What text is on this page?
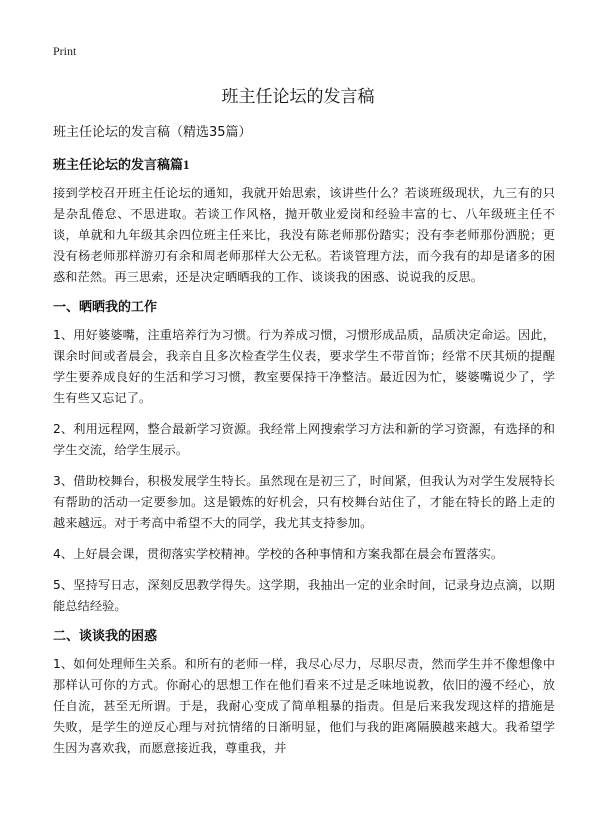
Print
班主任论坛的发言稿
班主任论坛的发言稿（精选35篇）
班主任论坛的发言稿篇1

接到学校召开班主任论坛的通知，我就开始思索，该讲些什么？若谈班级现状，九三有的只是杂乱倦怠、不思进取。若谈工作风格，抛开敬业爱岗和经验丰富的七、八年级班主任不谈，单就和九年级其余四位班主任来比，我没有陈老师那份踏实；没有李老师那份洒脱；更没有杨老师那样游刃有余和周老师那样大公无私。若谈管理方法，而今我有的却是诸多的困惑和茫然。再三思索，还是决定晒晒我的工作、谈谈我的困惑、说说我的反思。

一、晒晒我的工作

1、用好婆婆嘴，注重培养行为习惯。行为养成习惯，习惯形成品质，品质决定命运。因此，课余时间或者晨会，我亲自且多次检查学生仪表，要求学生不带首饰；经常不厌其烦的提醒学生要养成良好的生活和学习习惯，教室要保持干净整洁。最近因为忙，婆婆嘴说少了，学生有些又忘记了。

2、利用远程网，整合最新学习资源。我经常上网搜索学习方法和新的学习资源，有选择的和学生交流，给学生展示。

3、借助校舞台，积极发展学生特长。虽然现在是初三了，时间紧，但我认为对学生发展特长有帮助的活动一定要参加。这是锻炼的好机会，只有校舞台站住了，才能在特长的路上走的越来越远。对于考高中希望不大的同学，我尤其支持参加。

4、上好晨会课，贯彻落实学校精神。学校的各种事情和方案我都在晨会布置落实。

5、坚持写日志，深刻反思教学得失。这学期，我抽出一定的业余时间，记录身边点滴，以期能总结经验。

二、谈谈我的困惑

1、如何处理师生关系。和所有的老师一样，我尽心尽力，尽职尽责，然而学生并不像想像中那样认可你的方式。你耐心的思想工作在他们看来不过是乏味地说教，依旧的漫不经心，放任自流，甚至无所谓。于是，我耐心变成了简单粗暴的指责。但是后来我发现这样的措施是失败，是学生的逆反心理与对抗情绪的日渐明显，他们与我的距离隔膜越来越大。我希望学生因为喜欢我，而愿意接近我，尊重我，并
